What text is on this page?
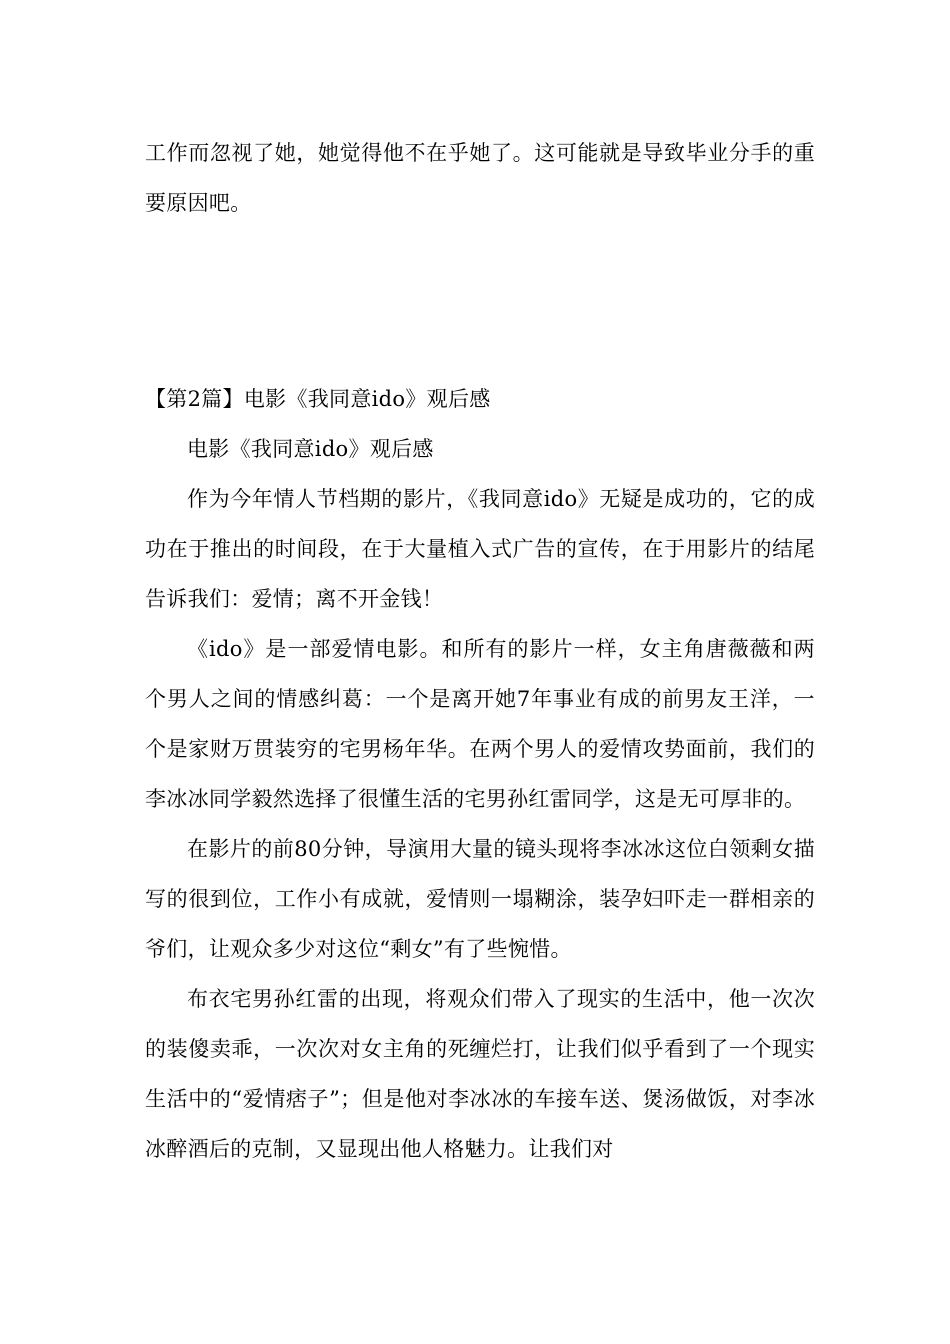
工作而忽视了她，她觉得他不在乎她了。这可能就是导致毕业分手的重要原因吧。

【第2篇】电影《我同意ido》观后感

电影《我同意ido》观后感

作为今年情人节档期的影片，《我同意ido》无疑是成功的，它的成功在于推出的时间段，在于大量植入式广告的宣传，在于用影片的结尾告诉我们：爱情；离不开金钱！

《ido》是一部爱情电影。和所有的影片一样，女主角唐薇薇和两个男人之间的情感纠葛：一个是离开她7年事业有成的前男友王洋，一个是家财万贯装穷的宅男杨年华。在两个男人的爱情攻势面前，我们的李冰冰同学毅然选择了很懂生活的宅男孙红雷同学，这是无可厚非的。

在影片的前80分钟，导演用大量的镜头现将李冰冰这位白领剩女描写的很到位，工作小有成就，爱情则一塌糊涂，装孕妇吓走一群相亲的爷们，让观众多少对这位“剩女”有了些惋惜。

布衣宅男孙红雷的出现，将观众们带入了现实的生活中，他一次次的装傻卖乖，一次次对女主角的死缠烂打，让我们似乎看到了一个现实生活中的“爱情痞子”；但是他对李冰冰的车接车送、煲汤做饭，对李冰冰醉酒后的克制，又显现出他人格魅力。让我们对
